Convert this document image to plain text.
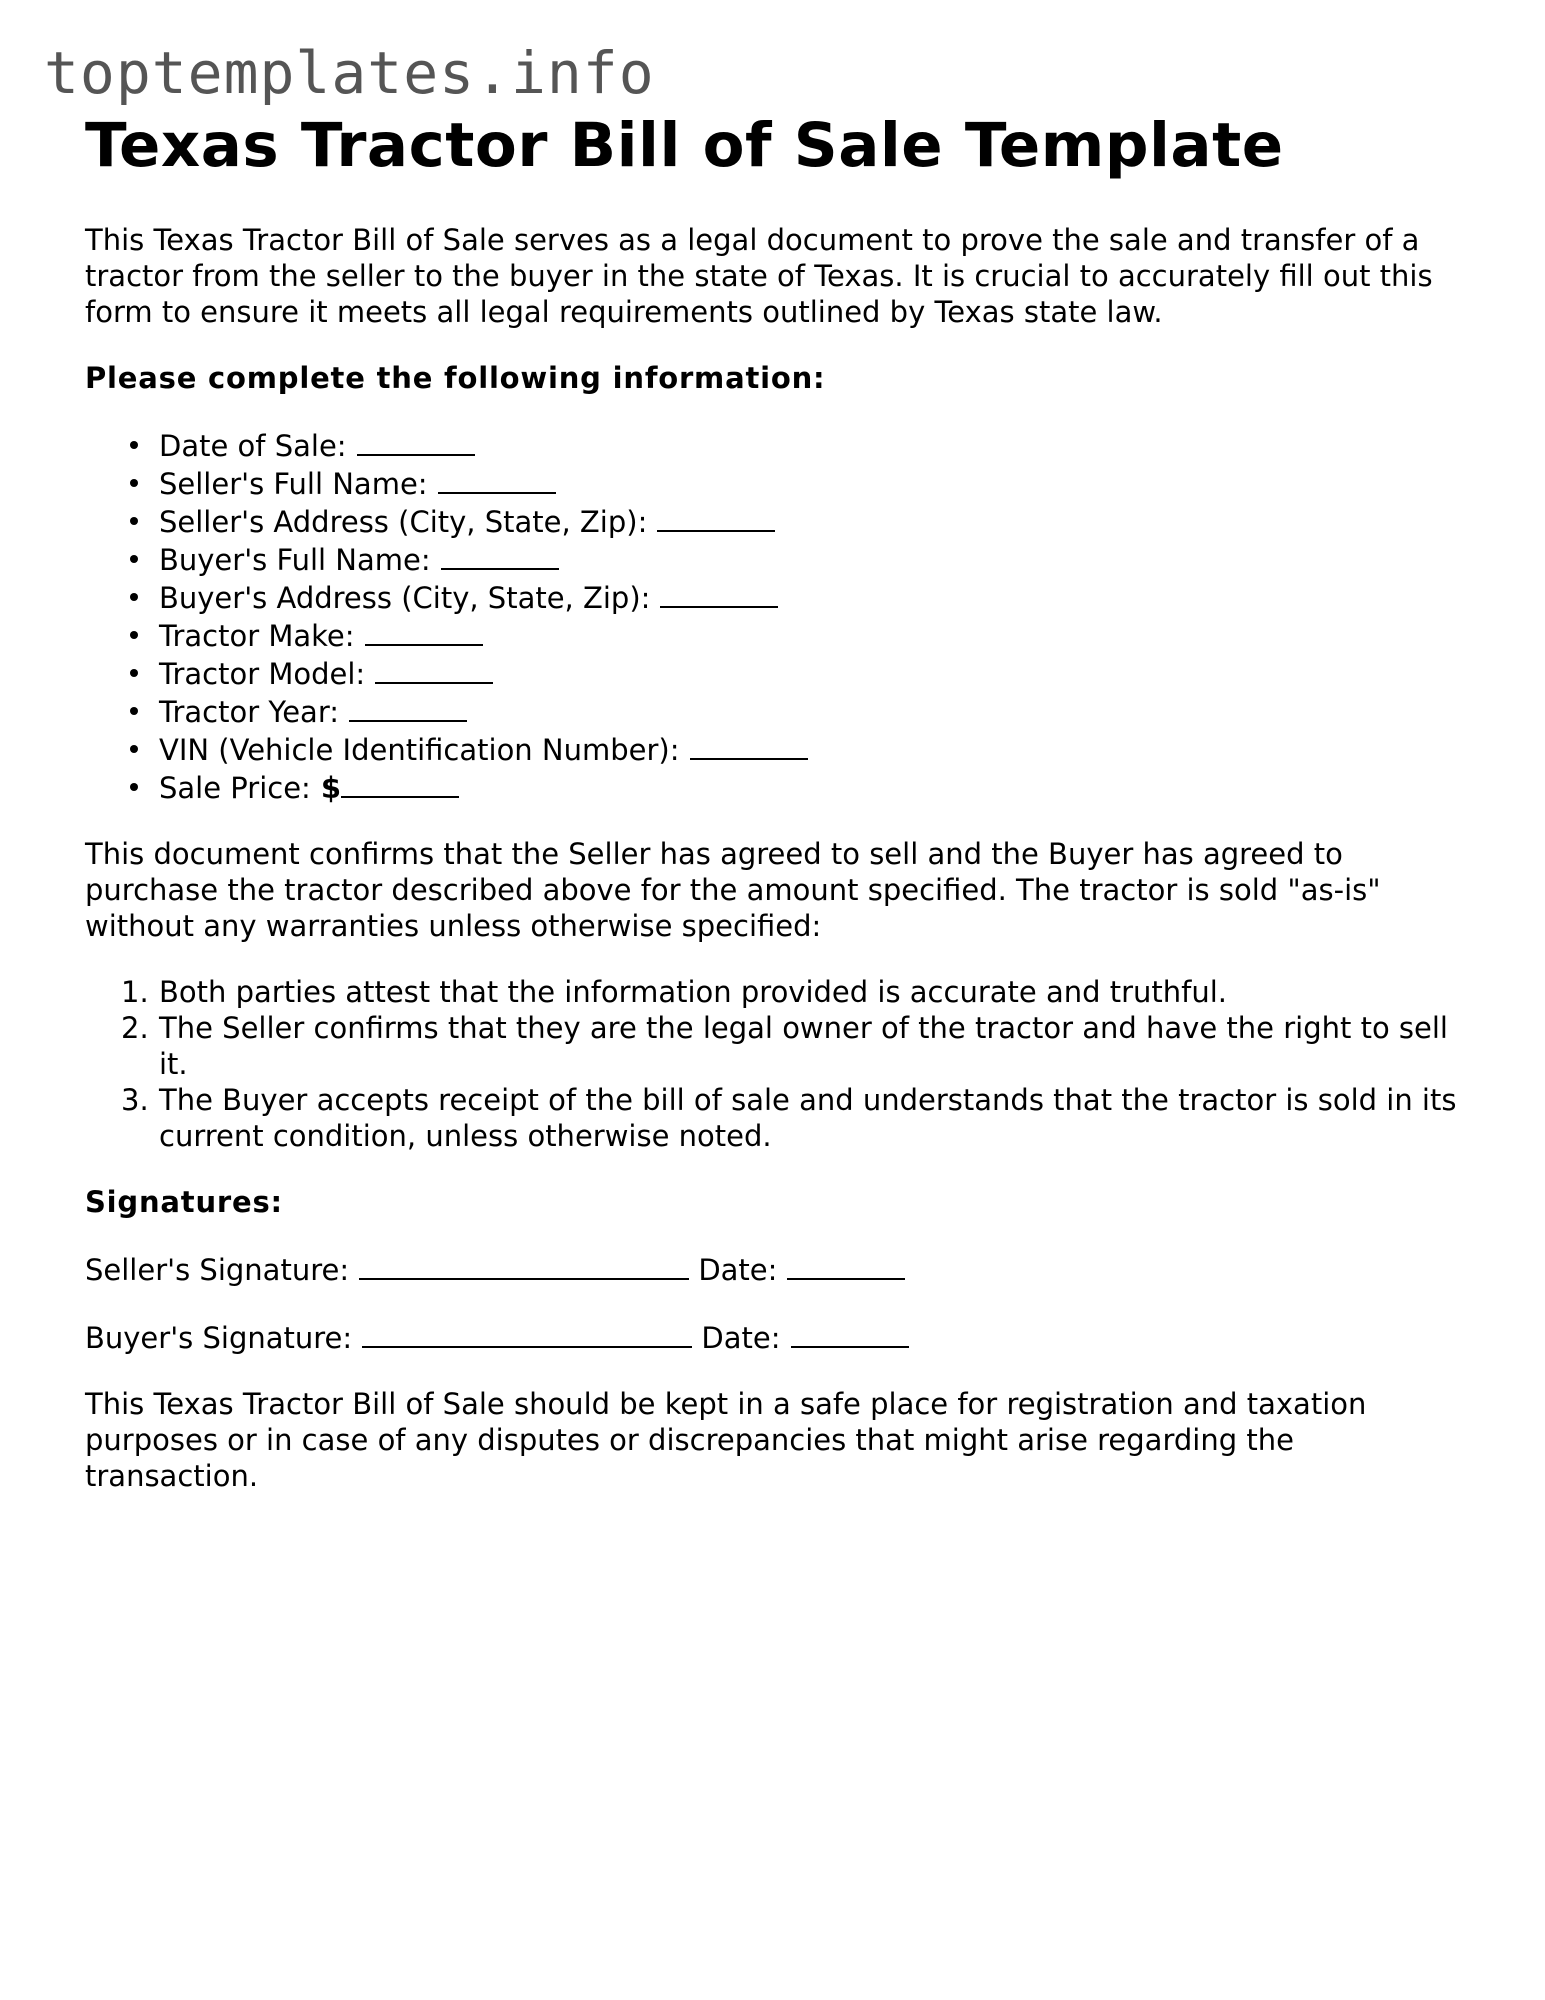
toptemplates.info
Texas Tractor Bill of Sale Template

This Texas Tractor Bill of Sale serves as a legal document to prove the sale and transfer of a tractor from the seller to the buyer in the state of Texas. It is crucial to accurately fill out this form to ensure it meets all legal requirements outlined by Texas state law.

Please complete the following information:

Date of Sale:
Seller's Full Name:
Seller's Address (City, State, Zip):
Buyer's Full Name:
Buyer's Address (City, State, Zip):
Tractor Make:
Tractor Model:
Tractor Year:
VIN (Vehicle Identification Number):
Sale Price: $

This document confirms that the Seller has agreed to sell and the Buyer has agreed to purchase the tractor described above for the amount specified. The tractor is sold "as-is" without any warranties unless otherwise specified:

1. Both parties attest that the information provided is accurate and truthful.
2. The Seller confirms that they are the legal owner of the tractor and have the right to sell it.
3. The Buyer accepts receipt of the bill of sale and understands that the tractor is sold in its current condition, unless otherwise noted.

Signatures:

Seller's Signature:	Date:

Buyer's Signature:	Date:

This Texas Tractor Bill of Sale should be kept in a safe place for registration and taxation purposes or in case of any disputes or discrepancies that might arise regarding the transaction.
